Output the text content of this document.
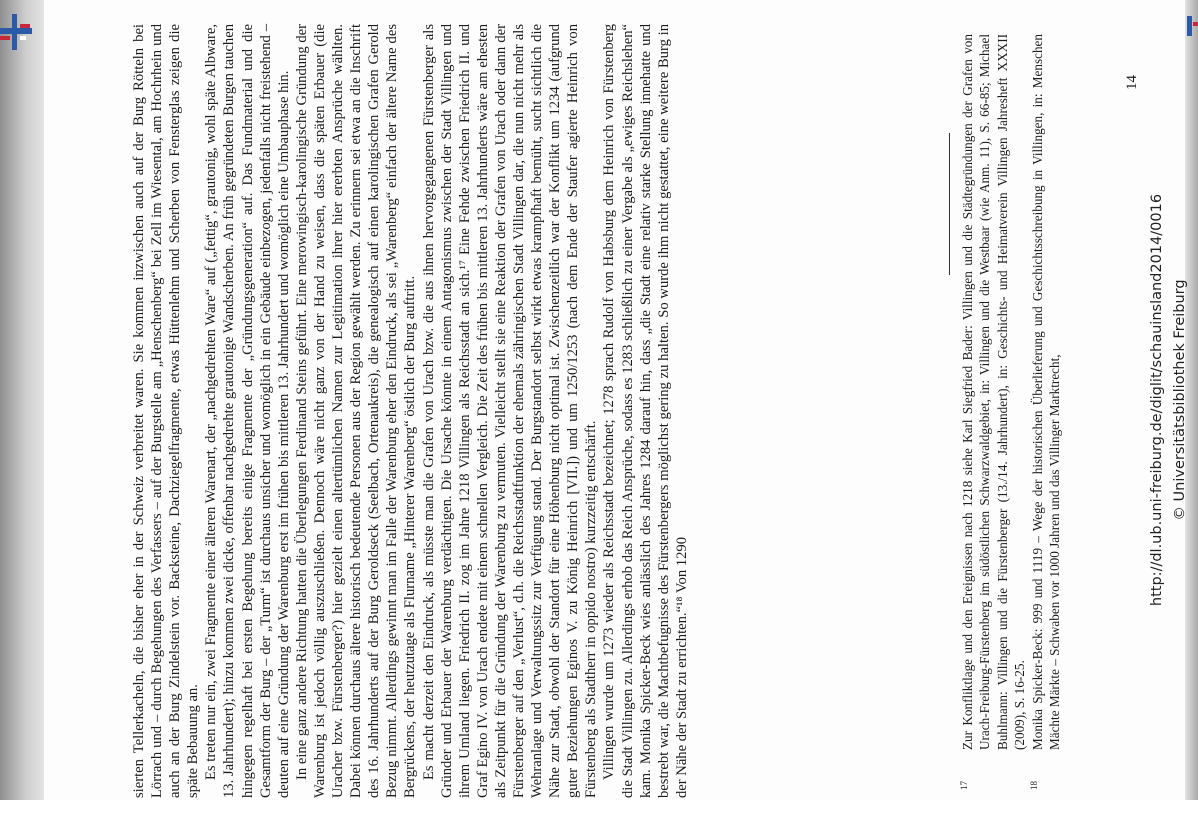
sierten Tellerkacheln, die bisher eher in der Schweiz verbreitet waren. Sie kommen inzwischen auch auf der Burg Rötteln bei Lörrach und – durch Begehungen des Verfassers – auf der Burgstelle am „Henschenberg“ bei Zell im Wiesental, am Hochrhein und auch an der Burg Zindelstein vor. Backsteine, Dachziegelfragmente, etwas Hüttenlehm und Scherben von Fensterglas zeigen die späte Bebauung an. Es treten nur ein, zwei Fragmente einer älteren Warenart, der „nachgedrehten Ware“ auf („fettig“, grautonig, wohl späte Albware, 13. Jahrhundert); hinzu kommen zwei dicke, offenbar nachgedrehte grautonige Wandscherben. An früh gegründeten Burgen tauchen hingegen regelhaft bei ersten Begehung bereits einige Fragmente der „Gründungsgeneration“ auf. Das Fundmaterial und die Gesamtform der Burg – der „Turm“ ist durchaus unsicher und womöglich in ein Gebäude einbezogen, jedenfalls nicht freistehend – deuten auf eine Gründung der Warenburg erst im frühen bis mittleren 13. Jahrhundert und womöglich eine Umbauphase hin. In eine ganz andere Richtung hatten die Überlegungen Ferdinand Steins geführt. Eine merowingisch-karolingische Gründung der Warenburg ist jedoch völlig auszuschließen. Dennoch wäre nicht ganz von der Hand zu weisen, dass die späten Erbauer (die Uracher bzw. Fürstenberger?) hier gezielt einen altertümlichen Namen zur Legitimation ihrer hier ererbten Ansprüche wählten. Dabei können durchaus ältere historisch bedeutende Personen aus der Region gewählt werden. Zu erinnern sei etwa an die Inschrift des 16. Jahrhunderts auf der Burg Geroldseck (Seelbach, Ortenaukreis), die genealogisch auf einen karolingischen Grafen Gerold Bezug nimmt. Allerdings gewinnt man im Falle der Warenburg eher den Eindruck, als sei „Warenberg“ einfach der ältere Name des Bergrückens, der heutzutage als Flurname „Hinterer Warenberg“ östlich der Burg auftritt. Es macht derzeit den Eindruck, als müsste man die Grafen von Urach bzw. die aus ihnen hervorgegangenen Fürstenberger als Gründer und Erbauer der Warenburg verdächtigen. Die Ursache könnte in einem Antagonismus zwischen der Stadt Villingen und ihrem Umland liegen. Friedrich II. zog im Jahre 1218 Villingen als Reichsstadt an sich.¹⁷ Eine Fehde zwischen Friedrich II. und Graf Egino IV. von Urach endete mit einem schnellen Vergleich. Die Zeit des frühen bis mittleren 13. Jahrhunderts wäre am ehesten als Zeitpunkt für die Gründung der Warenburg zu vermuten. Vielleicht stellt sie eine Reaktion der Grafen von Urach oder dann der Fürstenberger auf den „Verlust“, d.h. die Reichsstadtfunktion der ehemals zähringischen Stadt Villingen dar, die nun nicht mehr als Wehranlage und Verwaltungssitz zur Verfügung stand. Der Burgstandort selbst wirkt etwas krampfhaft bemüht, sucht sichtlich die Nähe zur Stadt, obwohl der Standort für eine Höhenburg nicht optimal ist. Zwischenzeitlich war der Konflikt um 1234 (aufgrund guter Beziehungen Eginos V. zu König Heinrich [VII.]) und um 1250/1253 (nach dem Ende der Staufer agierte Heinrich von Fürstenberg als Stadtherr in oppido nostro) kurzzeitig entschärft. Villingen wurde um 1273 wieder als Reichsstadt bezeichnet; 1278 sprach Rudolf von Habsburg dem Heinrich von Fürstenberg die Stadt Villingen zu. Allerdings erhob das Reich Ansprüche, sodass es 1283 schließlich zu einer Vergabe als „ewiges Reichslehen“ kam. Monika Spicker-Beck wies anlässlich des Jahres 1284 darauf hin, dass „die Stadt eine relativ starke Stellung innehatte und bestrebt war, die Machtbefugnisse des Fürstenbergers möglichst gering zu halten. So wurde ihm nicht gestattet, eine weitere Burg in der Nähe der Stadt zu errichten.“¹⁸ Von 1290	17
Zur Konfliktlage und den Ereignissen nach 1218 siehe Karl Siegfried Bader: Villingen und die Städtegründungen der Grafen von Urach-Freiburg-Fürstenberg im südöstlichen Schwarzwaldgebiet, in: Villingen und die Westbaar (wie Anm. 11), S. 66-85; Michael Buhlmann: Villingen und die Fürstenberger (13./14. Jahrhundert), in: Geschichts- und Heimatverein Villingen Jahresheft XXXII (2009), S. 16-25.
18
Monika Spicker-Beck: 999 und 1119 – Wege der historischen Überlieferung und Geschichtsschreibung in Villingen, in: Menschen Mächte Märkte – Schwaben vor 1000 Jahren und das Villinger Marktrecht,
14
http://dl.ub.uni-freiburg.de/diglit/schauinsland2014/0016 © Universitätsbibliothek Freiburg
